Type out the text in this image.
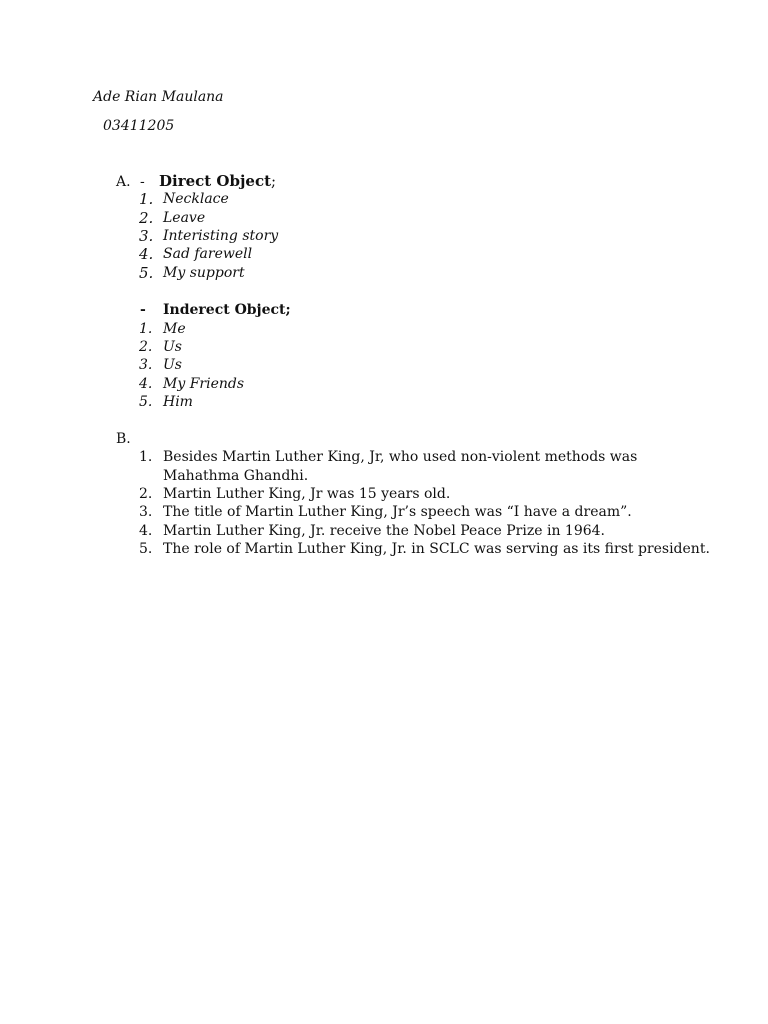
Ade Rian Maulana
03411205
A. - Direct Object;
1. Necklace
2. Leave
3. Interisting story
4. Sad farewell
5. My support
- Inderect Object;
1. Me
2. Us
3. Us
4. My Friends
5. Him
B.
1. Besides Martin Luther King, Jr, who used non-violent methods was
Mahathma Ghandhi.
2. Martin Luther King, Jr was 15 years old.
3. The title of Martin Luther King, Jr’s speech was “I have a dream”.
4. Martin Luther King, Jr. receive the Nobel Peace Prize in 1964.
5. The role of Martin Luther King, Jr. in SCLC was serving as its first president.
